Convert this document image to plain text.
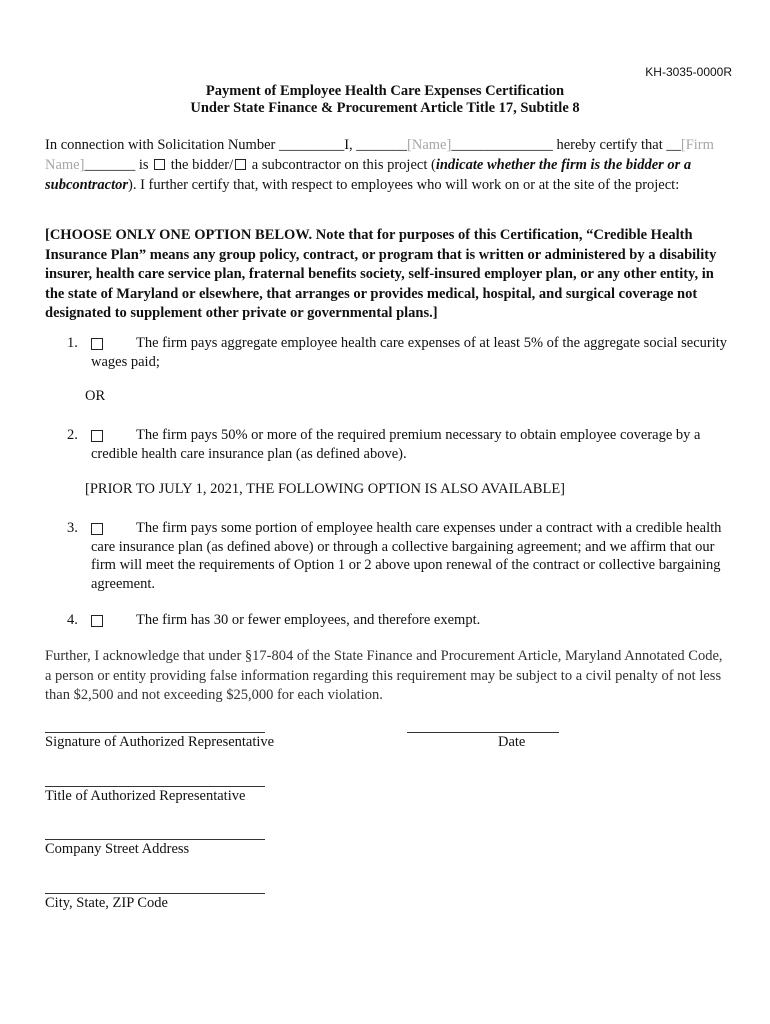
KH-3035-0000R
Payment of Employee Health Care Expenses Certification
Under State Finance & Procurement Article Title 17, Subtitle 8
In connection with Solicitation Number _________I, _______[Name]______________ hereby certify that __[Firm Name]_______ is  the bidder/ a subcontractor on this project (indicate whether the firm is the bidder or a subcontractor). I further certify that, with respect to employees who will work on or at the site of the project:
[CHOOSE ONLY ONE OPTION BELOW. Note that for purposes of this Certification, “Credible Health Insurance Plan” means any group policy, contract, or program that is written or administered by a disability insurer, health care service plan, fraternal benefits society, self-insured employer plan, or any other entity, in the state of Maryland or elsewhere, that arranges or provides medical, hospital, and surgical coverage not designated to supplement other private or governmental plans.]
1.	The firm pays aggregate employee health care expenses of at least 5% of the aggregate social security wages paid;
OR
2.	The firm pays 50% or more of the required premium necessary to obtain employee coverage by a credible health care insurance plan (as defined above).
[PRIOR TO JULY 1, 2021, THE FOLLOWING OPTION IS ALSO AVAILABLE]
3.	The firm pays some portion of employee health care expenses under a contract with a credible health care insurance plan (as defined above) or through a collective bargaining agreement; and we affirm that our firm will meet the requirements of Option 1 or 2 above upon renewal of the contract or collective bargaining agreement.
4.	The firm has 30 or fewer employees, and therefore exempt.
Further, I acknowledge that under §17-804 of the State Finance and Procurement Article, Maryland Annotated Code, a person or entity providing false information regarding this requirement may be subject to a civil penalty of not less than $2,500 and not exceeding $25,000 for each violation.
Signature of Authorized Representative	Date
Title of Authorized Representative
Company Street Address
City, State, ZIP Code
